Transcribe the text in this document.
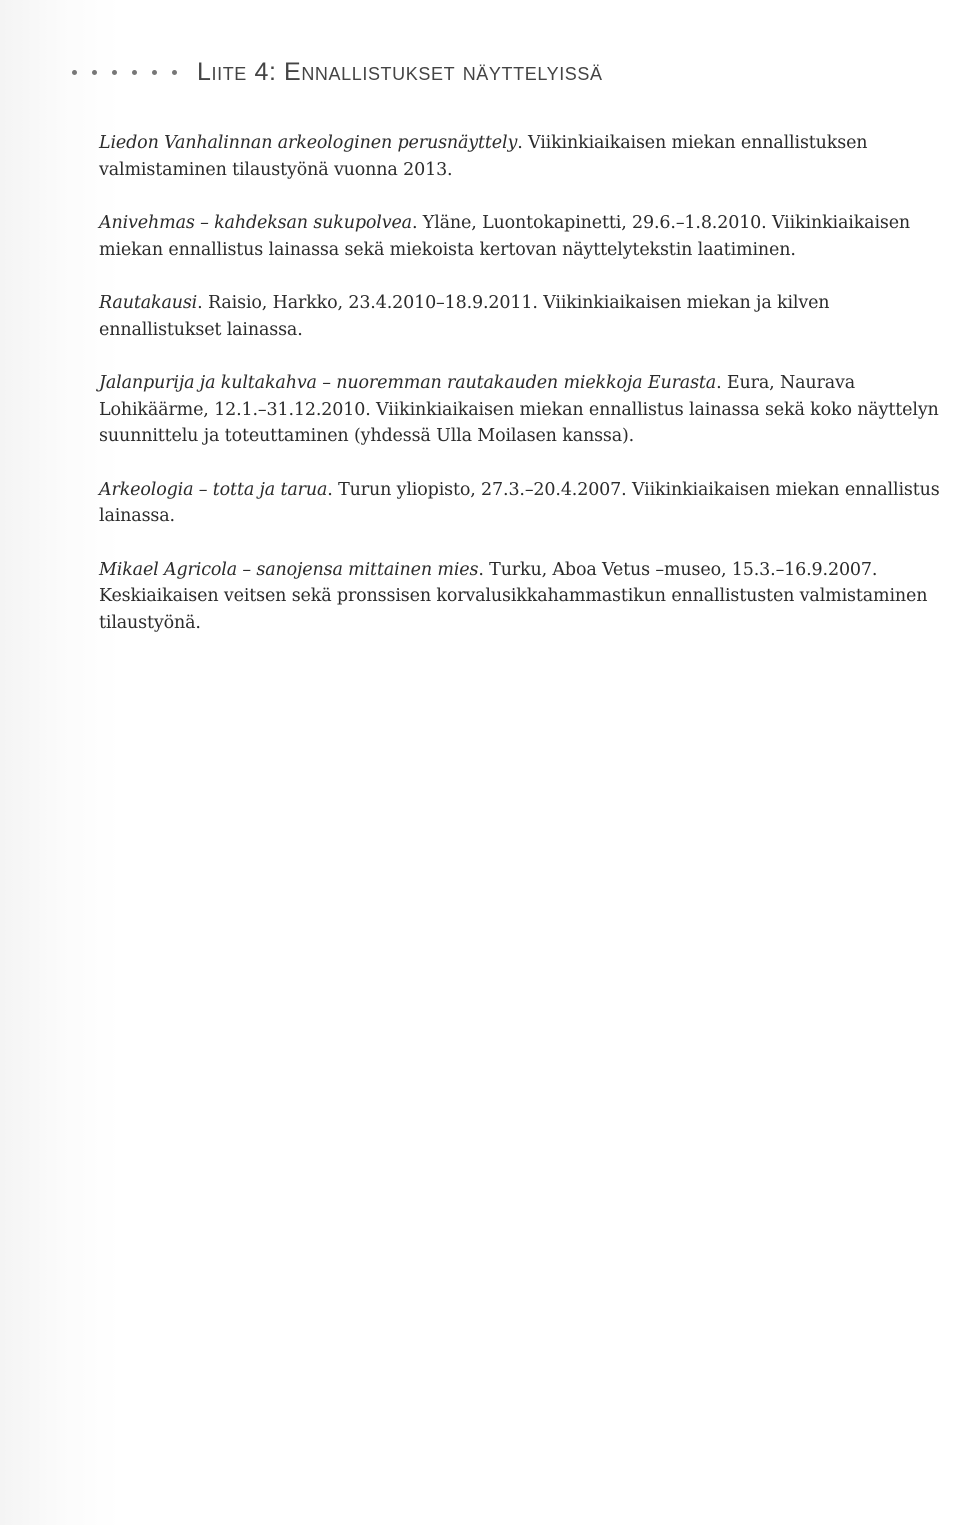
Liite 4: Ennallistukset näyttelyissä

Liedon Vanhalinnan arkeologinen perusnäyttely. Viikinkiaikaisen miekan ennallistuksen valmistaminen tilaustyönä vuonna 2013.

Anivehmas – kahdeksan sukupolvea. Yläne, Luontokapinetti, 29.6.–1.8.2010. Viikinkiaikaisen miekan ennallistus lainassa sekä miekoista kertovan näyttelytekstin laatiminen.

Rautakausi. Raisio, Harkko, 23.4.2010–18.9.2011. Viikinkiaikaisen miekan ja kilven ennallistukset lainassa.

Jalanpurija ja kultakahva – nuoremman rautakauden miekkoja Eurasta. Eura, Naurava Lohikäärme, 12.1.–31.12.2010. Viikinkiaikaisen miekan ennallistus lainassa sekä koko näyttelyn suunnittelu ja toteuttaminen (yhdessä Ulla Moilasen kanssa).

Arkeologia – totta ja tarua. Turun yliopisto, 27.3.–20.4.2007. Viikinkiaikaisen miekan ennallistus lainassa.

Mikael Agricola – sanojensa mittainen mies. Turku, Aboa Vetus –museo, 15.3.–16.9.2007. Keskiaikaisen veitsen sekä pronssisen korvalusikkahammastikun ennallistusten valmistaminen tilaustyönä.
